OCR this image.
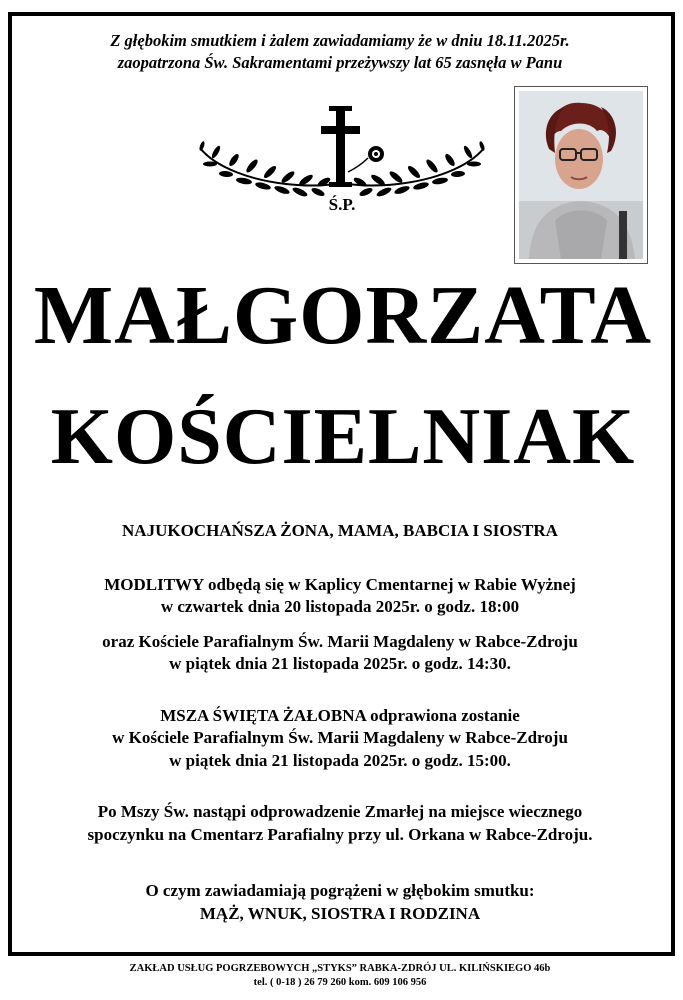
Z głębokim smutkiem i żalem zawiadamiamy że w dniu 18.11.2025r.
zaopatrzona Św. Sakramentami przeżywszy lat 65 zasnęła w Panu
Ś.P.
MAŁGORZATA
KOŚCIELNIAK
NAJUKOCHAŃSZA ŻONA, MAMA, BABCIA I SIOSTRA
MODLITWY odbędą się w Kaplicy Cmentarnej w Rabie Wyżnej
w czwartek dnia 20 listopada 2025r. o godz. 18:00
oraz Kościele Parafialnym Św. Marii Magdaleny w Rabce-Zdroju
w piątek dnia 21 listopada 2025r. o godz. 14:30.
MSZA ŚWIĘTA ŻAŁOBNA odprawiona zostanie
w Kościele Parafialnym Św. Marii Magdaleny w Rabce-Zdroju
w piątek dnia 21 listopada 2025r. o godz. 15:00.
Po Mszy Św. nastąpi odprowadzenie Zmarłej na miejsce wiecznego
spoczynku na Cmentarz Parafialny przy ul. Orkana w Rabce-Zdroju.
O czym zawiadamiają pogrążeni w głębokim smutku:
MĄŻ, WNUK, SIOSTRA I RODZINA
ZAKŁAD USŁUG POGRZEBOWYCH „STYKS” RABKA-ZDRÓJ UL. KILIŃSKIEGO 46b
tel. ( 0-18 ) 26 79 260 kom. 609 106 956
